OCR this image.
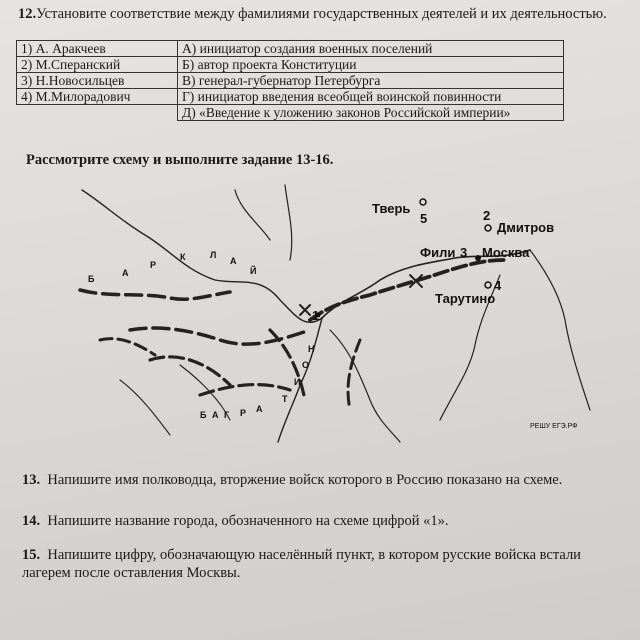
12.Установите соответствие между фамилиями государственных деятелей и их деятельностью.
1) А. Аракчеев	А) инициатор создания военных поселений
2) М.Сперанский	Б) автор проекта Конституции
3) Н.Новосильцев	В) генерал-губернатор Петербурга
4) М.Милорадович	Г) инициатор введения всеобщей воинской повинности
	Д) «Введение к уложению законов Российской империи»
Рассмотрите схему и выполните задание 13-16.
Тверь
5	2
Дмитров
Фили 3 Москва
4
Тарутино
1
Б
А
Р
К	Л
А
Й
Б А Г Р А
Т
И
О
Н
РЕШУ ЕГЭ.РФ
13. Напишите имя полководца, вторжение войск которого в Россию показано на схеме.
14. Напишите название города, обозначенного на схеме цифрой «1».
15. Напишите цифру, обозначающую населённый пункт, в котором русские войска встали лагерем после оставления Москвы.
